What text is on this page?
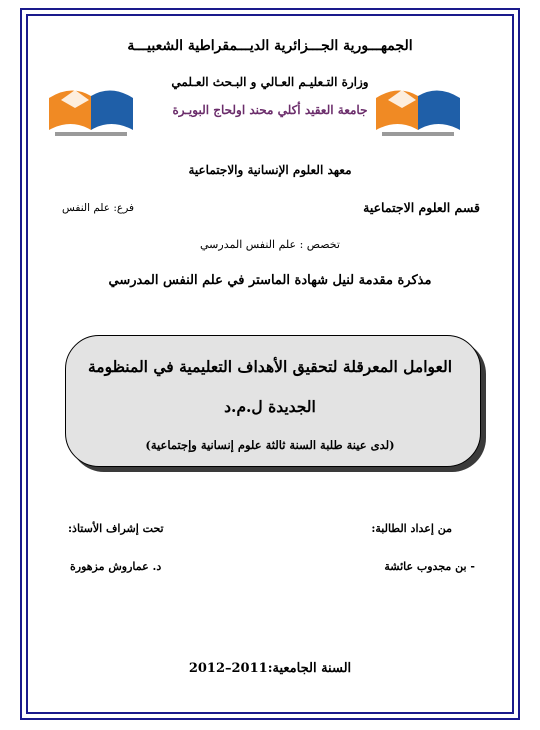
الجمهـــورية الجـــزائرية الديـــمقراطية الشعبيـــة
وزارة التـعليـم العـالي و البـحث العـلمي
جامعة العقيد أكلي محند اولحاج البويـرة
معهد العلوم الإنسانية والاجتماعية
قسم العلوم الاجتماعية
فرع: علم النفس
تخصص : علم النفس المدرسي
مذكرة مقدمة لنيل شهادة الماستر في علم النفس المدرسي
العوامل المعرقلة لتحقيق الأهداف التعليمية في المنظومة
الجديدة ل.م.د
(لدى عينة طلبة السنة ثالثة علوم إنسانية وإجتماعية)
من إعداد الطالبة:
تحت إشراف الأستاذ:
- بن مجدوب عائشة
د. عماروش مزهورة
السنة الجامعية:2011–2012
